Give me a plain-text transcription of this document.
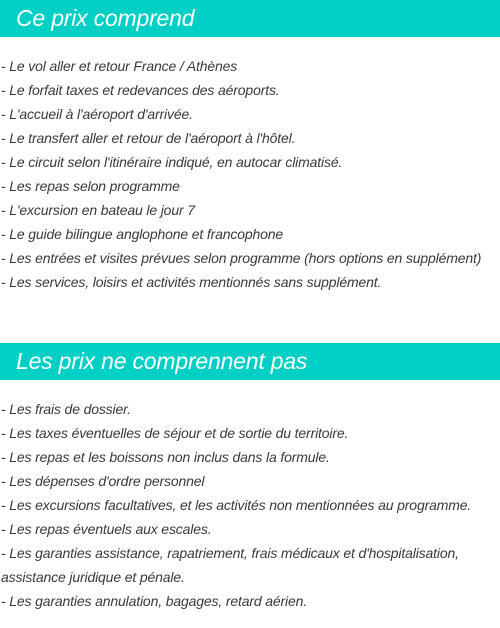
Ce prix comprend
- Le vol aller et retour France / Athènes
- Le forfait taxes et redevances des aéroports.
- L'accueil à l'aéroport d'arrivée.
- Le transfert aller et retour de l'aéroport à l'hôtel.
- Le circuit selon l'itinéraire indiqué, en autocar climatisé.
- Les repas selon programme
- L'excursion en bateau le jour 7
- Le guide bilingue anglophone et francophone
- Les entrées et visites prévues selon programme (hors options en supplément)
- Les services, loisirs et activités mentionnés sans supplément.
Les prix ne comprennent pas
- Les frais de dossier.
- Les taxes éventuelles de séjour et de sortie du territoire.
- Les repas et les boissons non inclus dans la formule.
- Les dépenses d'ordre personnel
- Les excursions facultatives, et les activités non mentionnées au programme.
- Les repas éventuels aux escales.
- Les garanties assistance, rapatriement, frais médicaux et d'hospitalisation, assistance juridique et pénale.
- Les garanties annulation, bagages, retard aérien.
